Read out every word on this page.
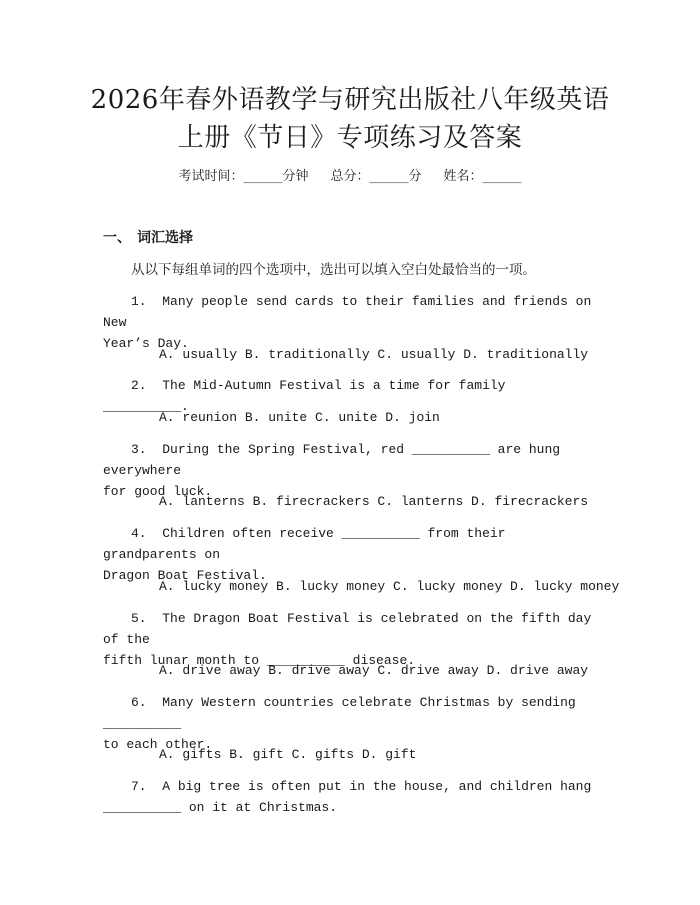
2026年春外语教学与研究出版社八年级英语
上册《节日》专项练习及答案
考试时间：______分钟 总分：______分 姓名：______
一、 词汇选择
从以下每组单词的四个选项中，选出可以填入空白处最恰当的一项。
1. Many people send cards to their families and friends on New
Year’s Day.
A. usually B. traditionally C. usually D. traditionally
2. The Mid-Autumn Festival is a time for family __________.
A. reunion B. unite C. unite D. join
3. During the Spring Festival, red __________ are hung everywhere
for good luck.
A. lanterns B. firecrackers C. lanterns D. firecrackers
4. Children often receive __________ from their grandparents on
Dragon Boat Festival.
A. lucky money B. lucky money C. lucky money D. lucky money
5. The Dragon Boat Festival is celebrated on the fifth day of the
fifth lunar month to __________ disease.
A. drive away B. drive away C. drive away D. drive away
6. Many Western countries celebrate Christmas by sending __________
to each other.
A. gifts B. gift C. gifts D. gift
7. A big tree is often put in the house, and children hang
__________ on it at Christmas.
